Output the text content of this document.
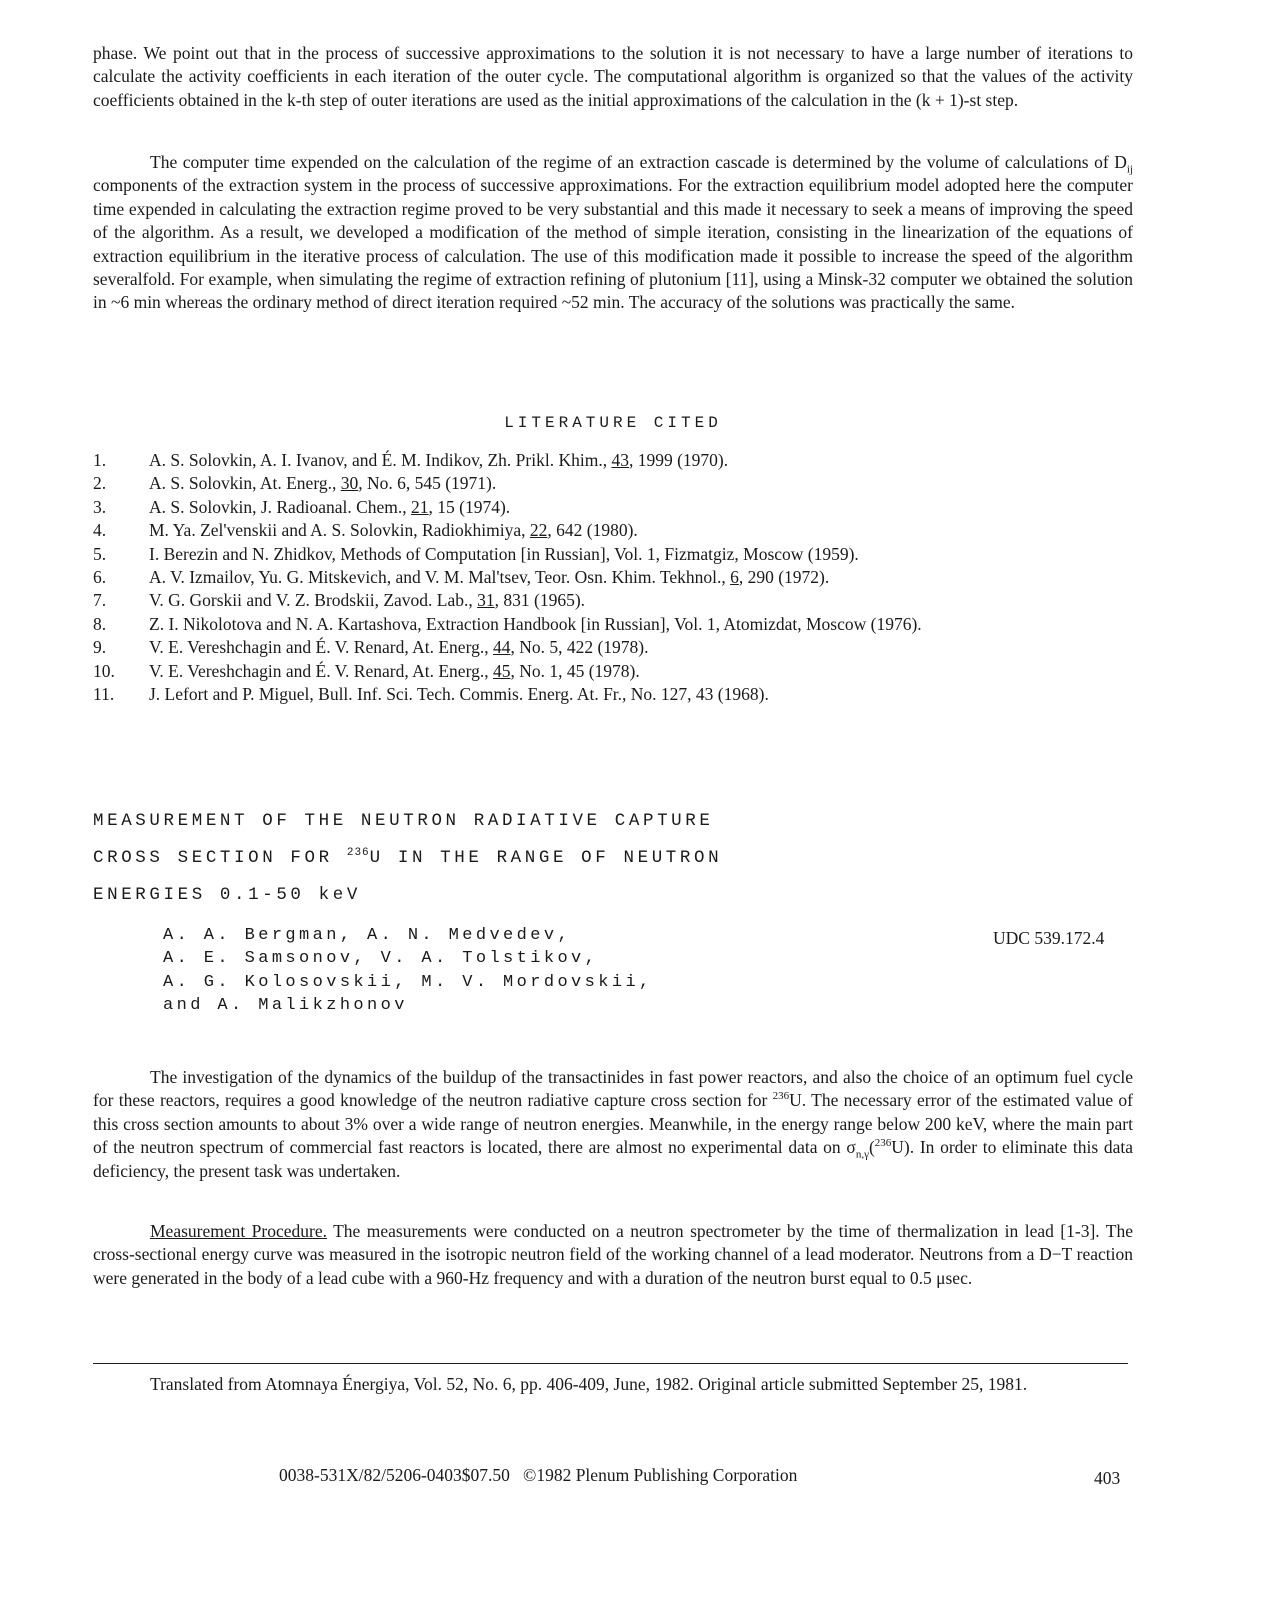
phase. We point out that in the process of successive approximations to the solution it is not necessary to have a large number of iterations to calculate the activity coefficients in each iteration of the outer cycle. The computational algorithm is organized so that the values of the activity coefficients obtained in the k-th step of outer iterations are used as the initial approximations of the calculation in the (k + 1)-st step.

The computer time expended on the calculation of the regime of an extraction cascade is determined by the volume of calculations of $D_{ij}$ components of the extraction system in the process of successive approximations. For the extraction equilibrium model adopted here the computer time expended in calculating the extraction regime proved to be very substantial and this made it necessary to seek a means of improving the speed of the algorithm. As a result, we developed a modification of the method of simple iteration, consisting in the linearization of the equations of extraction equilibrium in the iterative process of calculation. The use of this modification made it possible to increase the speed of the algorithm severalfold. For example, when simulating the regime of extraction refining of plutonium [11], using a Minsk-32 computer we obtained the solution in ~6 min whereas the ordinary method of direct iteration required ~52 min. The accuracy of the solutions was practically the same.

LITERATURE CITED
1.	A. S. Solovkin, A. I. Ivanov, and É. M. Indikov, Zh. Prikl. Khim., 43, 1999 (1970).
2.	A. S. Solovkin, At. Energ., 30, No. 6, 545 (1971).
3.	A. S. Solovkin, J. Radioanal. Chem., 21, 15 (1974).
4.	M. Ya. Zel'venskii and A. S. Solovkin, Radiokhimiya, 22, 642 (1980).
5.	I. Berezin and N. Zhidkov, Methods of Computation [in Russian], Vol. 1, Fizmatgiz, Moscow (1959).
6.	A. V. Izmailov, Yu. G. Mitskevich, and V. M. Mal'tsev, Teor. Osn. Khim. Tekhnol., 6, 290 (1972).
7.	V. G. Gorskii and V. Z. Brodskii, Zavod. Lab., 31, 831 (1965).
8.	Z. I. Nikolotova and N. A. Kartashova, Extraction Handbook [in Russian], Vol. 1, Atomizdat, Moscow (1976).
9.	V. E. Vereshchagin and É. V. Renard, At. Energ., 44, No. 5, 422 (1978).
10.	V. E. Vereshchagin and É. V. Renard, At. Energ., 45, No. 1, 45 (1978).
11.	J. Lefort and P. Miguel, Bull. Inf. Sci. Tech. Commis. Energ. At. Fr., No. 127, 43 (1968).
MEASUREMENT OF THE NEUTRON RADIATIVE CAPTURE
CROSS SECTION FOR $^{236}$U IN THE RANGE OF NEUTRON
ENERGIES 0.1-50 keV
A. A. Bergman, A. N. Medvedev,
A. E. Samsonov, V. A. Tolstikov,
A. G. Kolosovskii, M. V. Mordovskii,
and A. Malikzhonov
UDC 539.172.4

The investigation of the dynamics of the buildup of the transactinides in fast power reactors, and also the choice of an optimum fuel cycle for these reactors, requires a good knowledge of the neutron radiative capture cross section for $^{236}$U. The necessary error of the estimated value of this cross section amounts to about 3% over a wide range of neutron energies. Meanwhile, in the energy range below 200 keV, where the main part of the neutron spectrum of commercial fast reactors is located, there are almost no experimental data on $\sigma_{n,\gamma}(^{236}U)$. In order to eliminate this data deficiency, the present task was undertaken.

Measurement Procedure. The measurements were conducted on a neutron spectrometer by the time of thermalization in lead [1-3]. The cross-sectional energy curve was measured in the isotropic neutron field of the working channel of a lead moderator. Neutrons from a D−T reaction were generated in the body of a lead cube with a 960-Hz frequency and with a duration of the neutron burst equal to 0.5 μsec.

Translated from Atomnaya Énergiya, Vol. 52, No. 6, pp. 406-409, June, 1982. Original article submitted September 25, 1981.

0038-531X/82/5206-0403$07.50 ©1982 Plenum Publishing Corporation	403
